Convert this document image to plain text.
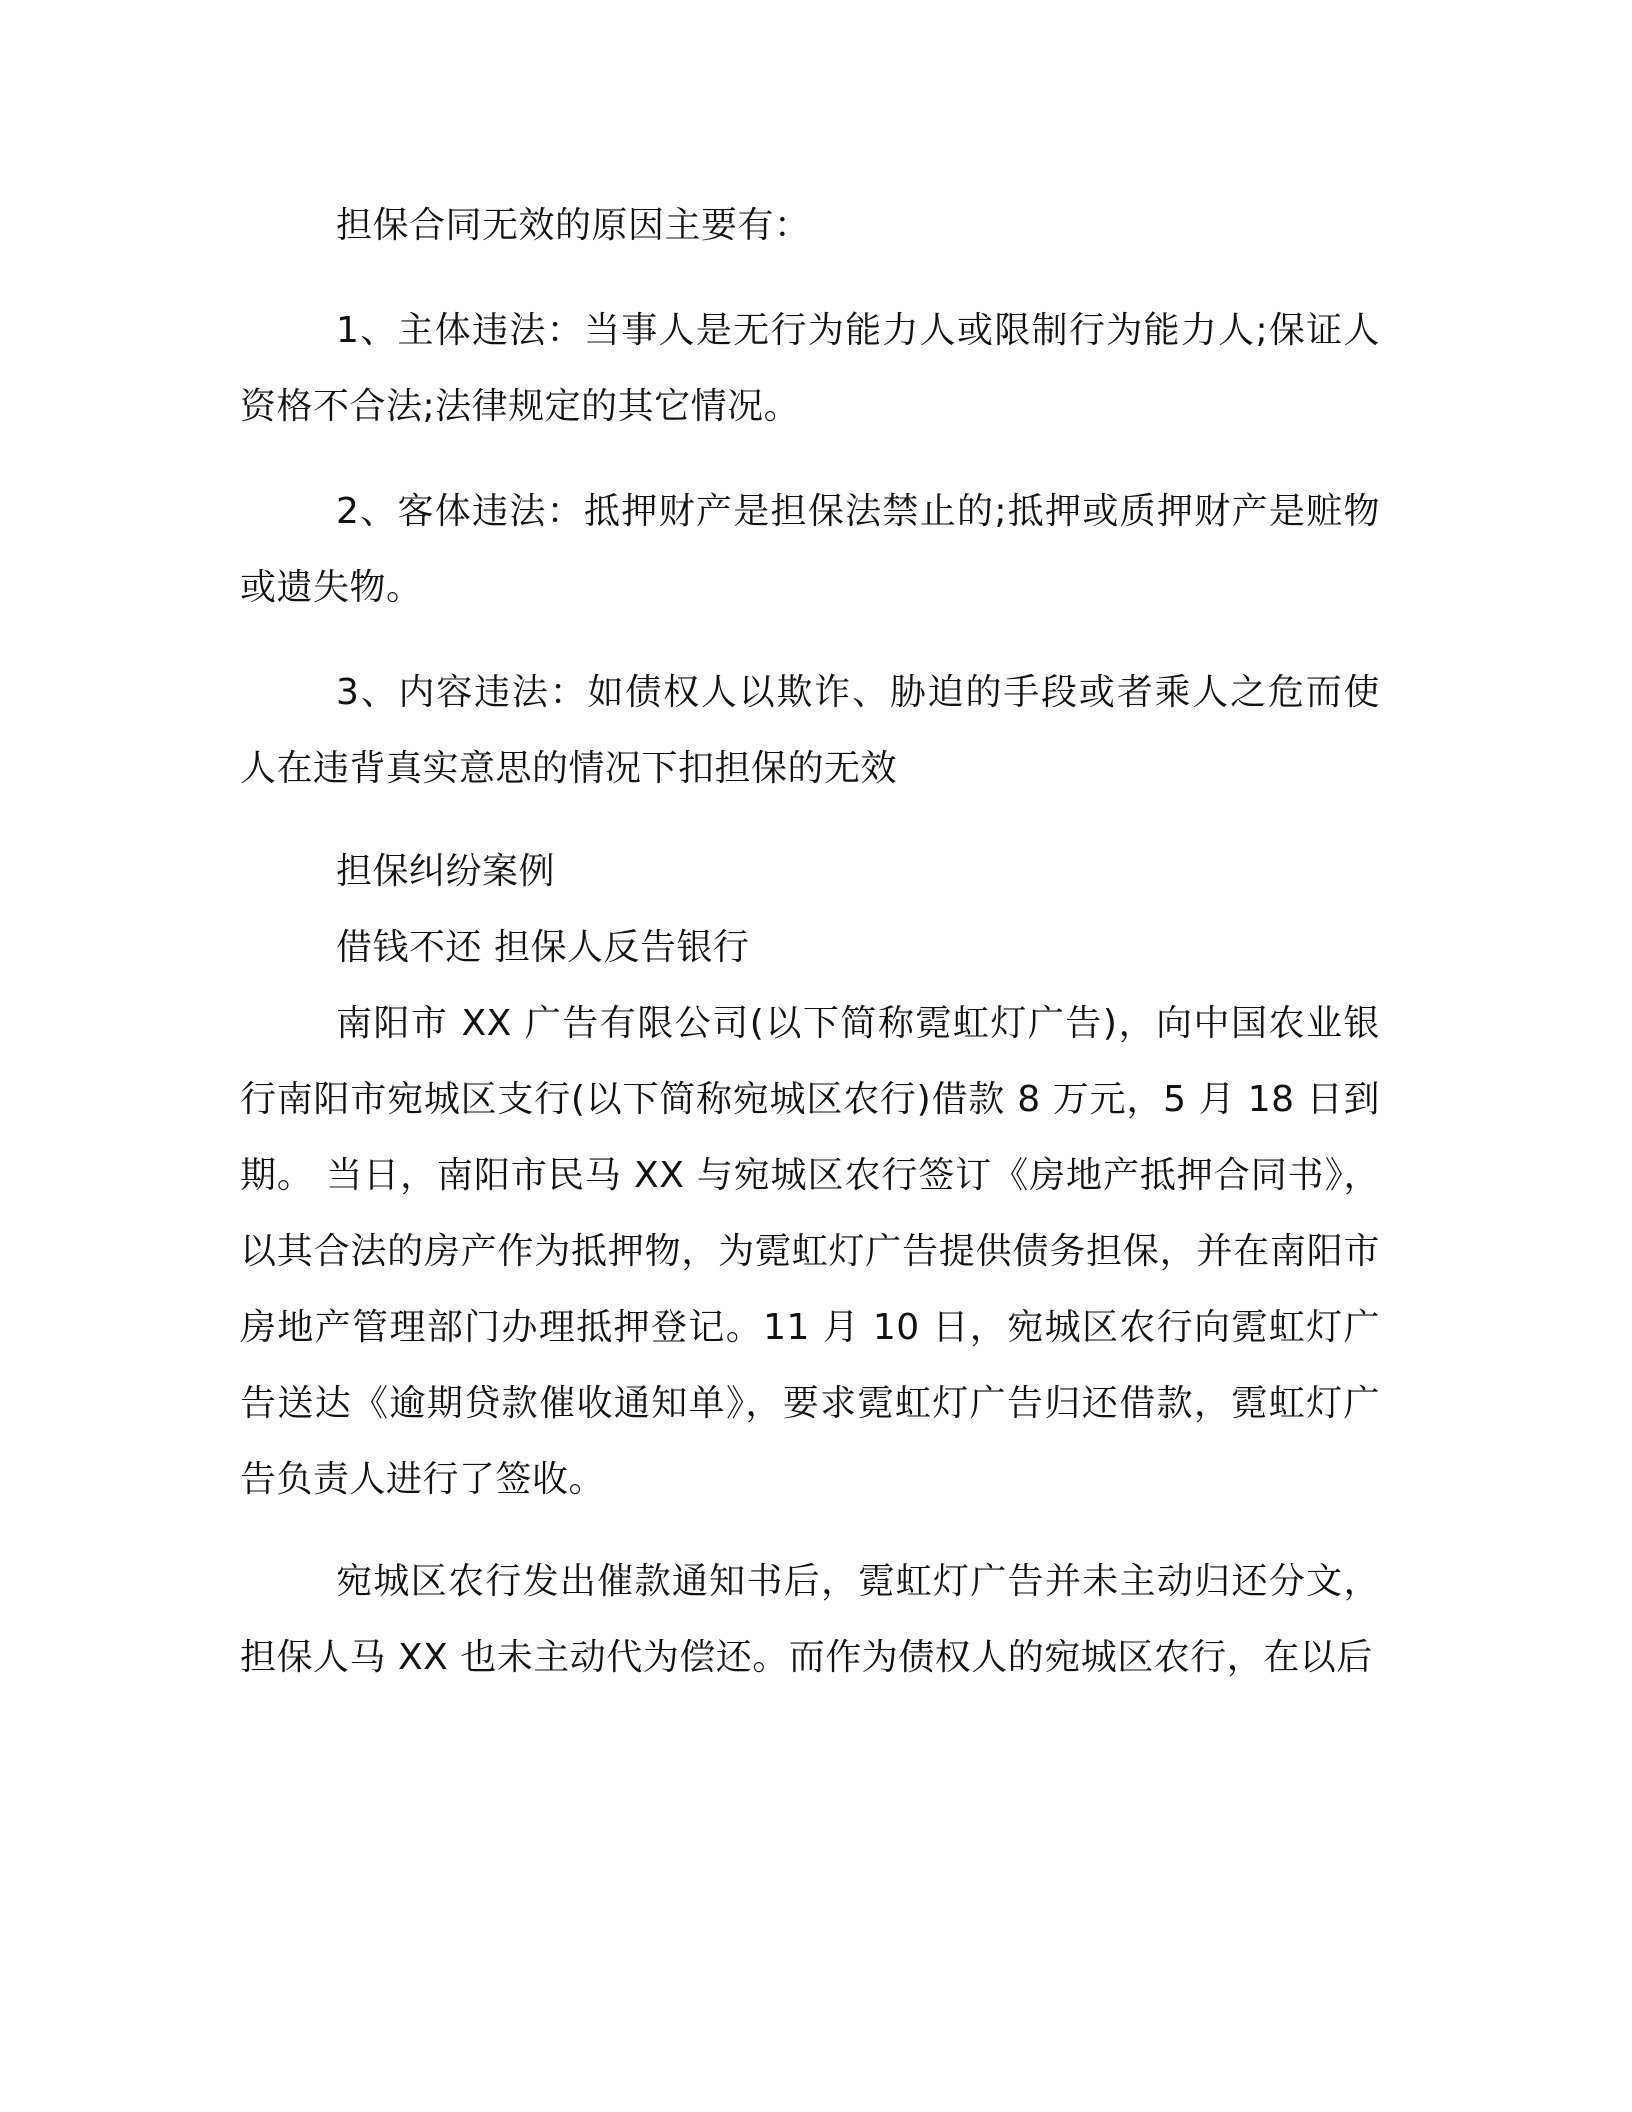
担保合同无效的原因主要有：

1、主体违法：当事人是无行为能力人或限制行为能力人;保证人资格不合法;法律规定的其它情况。

2、客体违法：抵押财产是担保法禁止的;抵押或质押财产是赃物或遗失物。

3、内容违法：如债权人以欺诈、胁迫的手段或者乘人之危而使人在违背真实意思的情况下扣担保的无效

担保纠纷案例

借钱不还 担保人反告银行

南阳市 XX 广告有限公司(以下简称霓虹灯广告)，向中国农业银行南阳市宛城区支行(以下简称宛城区农行)借款 8 万元，5 月 18 日到期。 当日，南阳市民马 XX 与宛城区农行签订《房地产抵押合同书》，以其合法的房产作为抵押物，为霓虹灯广告提供债务担保，并在南阳市房地产管理部门办理抵押登记。11 月 10 日，宛城区农行向霓虹灯广告送达《逾期贷款催收通知单》，要求霓虹灯广告归还借款，霓虹灯广告负责人进行了签收。

宛城区农行发出催款通知书后，霓虹灯广告并未主动归还分文，担保人马 XX 也未主动代为偿还。而作为债权人的宛城区农行，在以后
